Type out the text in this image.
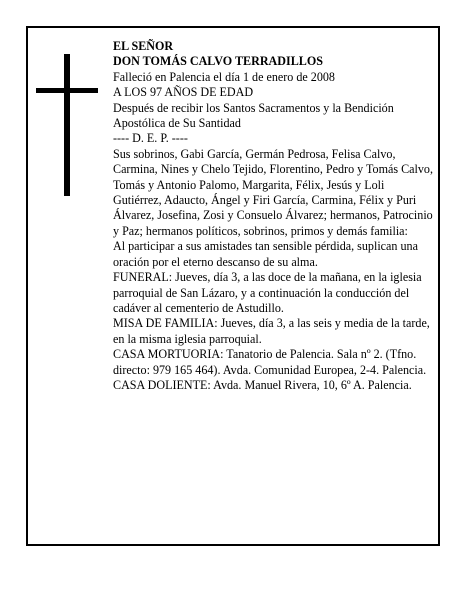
EL SEÑOR

DON TOMÁS CALVO TERRADILLOS

Falleció en Palencia el día 1 de enero de 2008

A LOS 97 AÑOS DE EDAD

Después de recibir los Santos Sacramentos y la Bendición Apostólica de Su Santidad

---- D. E. P. ----

Sus sobrinos, Gabi García, Germán Pedrosa, Felisa Calvo, Carmina, Nines y Chelo Tejido, Florentino, Pedro y Tomás Calvo, Tomás y Antonio Palomo, Margarita, Félix, Jesús y Loli Gutiérrez, Adaucto, Ángel y Firi García, Carmina, Félix y Puri Álvarez, Josefina, Zosi y Consuelo Álvarez; hermanos, Patrocinio y Paz; hermanos políticos, sobrinos, primos y demás familia:

Al participar a sus amistades tan sensible pérdida, suplican una oración por el eterno descanso de su alma.

FUNERAL: Jueves, día 3, a las doce de la mañana, en la iglesia parroquial de San Lázaro, y a continuación la conducción del cadáver al cementerio de Astudillo.

MISA DE FAMILIA: Jueves, día 3, a las seis y media de la tarde, en la misma iglesia parroquial.

CASA MORTUORIA: Tanatorio de Palencia. Sala nº 2. (Tfno. directo: 979 165 464). Avda. Comunidad Europea, 2-4. Palencia.

CASA DOLIENTE: Avda. Manuel Rivera, 10, 6º A. Palencia.
